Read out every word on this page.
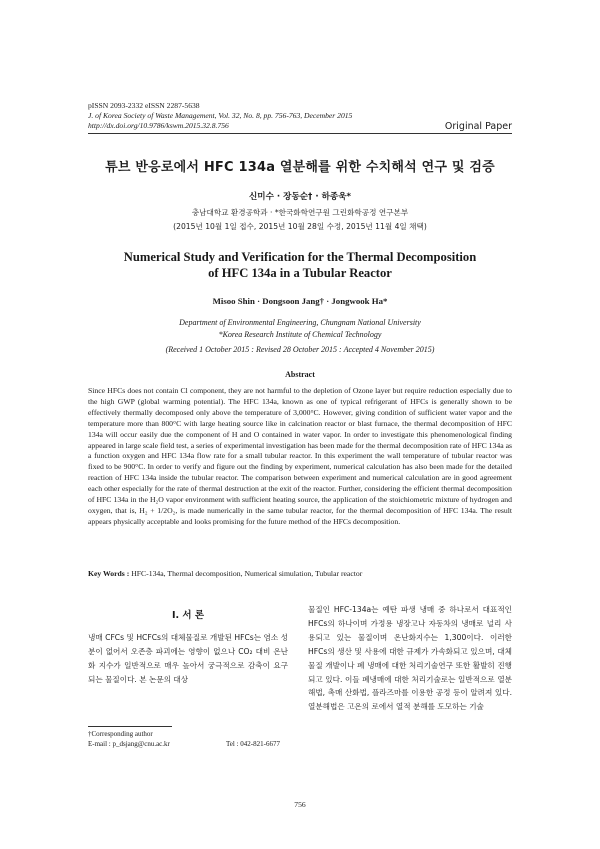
pISSN 2093-2332 eISSN 2287-5638
J. of Korea Society of Waste Management, Vol. 32, No. 8, pp. 756-763, December 2015
http://dx.doi.org/10.9786/kswm.2015.32.8.756	Original Paper
튜브 반응로에서 HFC 134a 열분해를 위한 수치해석 연구 및 검증
신미수 · 장동순† · 하종욱*
충남대학교 환경공학과 · *한국화학연구원 그린화학공정 연구본부
(2015년 10월 1일 접수, 2015년 10월 28일 수정, 2015년 11월 4일 채택)
Numerical Study and Verification for the Thermal Decomposition
of HFC 134a in a Tubular Reactor
Misoo Shin · Dongsoon Jang† · Jongwook Ha*
Department of Environmental Engineering, Chungnam National University
*Korea Research Institute of Chemical Technology
(Received 1 October 2015 : Revised 28 October 2015 : Accepted 4 November 2015)
Abstract

Since HFCs does not contain Cl component, they are not harmful to the depletion of Ozone layer but require reduction especially due to the high GWP (global warming potential). The HFC 134a, known as one of typical refrigerant of HFCs is generally shown to be effectively thermally decomposed only above the temperature of 3,000°C. However, giving condition of sufficient water vapor and the temperature more than 800°C with large heating source like in calcination reactor or blast furnace, the thermal decomposition of HFC 134a will occur easily due the component of H and O contained in water vapor. In order to investigate this phenomenological finding appeared in large scale field test, a series of experimental investigation has been made for the thermal decomposition rate of HFC 134a as a function oxygen and HFC 134a flow rate for a small tubular reactor. In this experiment the wall temperature of tubular reactor was fixed to be 900°C. In order to verify and figure out the finding by experiment, numerical calculation has also been made for the detailed reaction of HFC 134a inside the tubular reactor. The comparison between experiment and numerical calculation are in good agreement each other especially for the rate of thermal destruction at the exit of the reactor. Further, considering the efficient thermal decomposition of HFC 134a in the H₂O vapor environment with sufficient heating source, the application of the stoichiometric mixture of hydrogen and oxygen, that is, H₂ + 1/2O₂, is made numerically in the same tubular reactor, for the thermal decomposition of HFC 134a. The result appears physically acceptable and looks promising for the future method of the HFCs decomposition.

Key Words : HFC-134a, Thermal decomposition, Numerical simulation, Tubular reactor
I. 서 론

냉매 CFCs 및 HCFCs의 대체물질로 개발된 HFCs는 염소 성분이 없어서 오존층 파괴에는 영향이 없으나 CO₂ 대비 온난화 지수가 일반적으로 매우 높아서 궁극적으로 감축이 요구되는 물질이다. 본 논문의 대상

물질인 HFC-134a는 예탄 파생 냉매 중 하나로서 대표적인 HFCs의 하나이며 가정용 냉장고나 자동차의 냉매로 널리 사용되고 있는 물질이며 온난화지수는 1,300이다. 이러한 HFCs의 생산 및 사용에 대한 규제가 가속화되고 있으며, 대체물질 개발이나 폐 냉매에 대한 처리기술연구 또한 활발히 진행되고 있다. 이들 폐냉매에 대한 처리기술로는 일반적으로 열분해법, 촉매 산화법, 플라즈마를 이용한 공정 등이 알려져 있다. 열분해법은 고온의 로에서 열적 분해를 도모하는 기술

†Corresponding author
E-mail : p_dsjang@cnu.ac.kr	Tel : 042-821-6677
756
